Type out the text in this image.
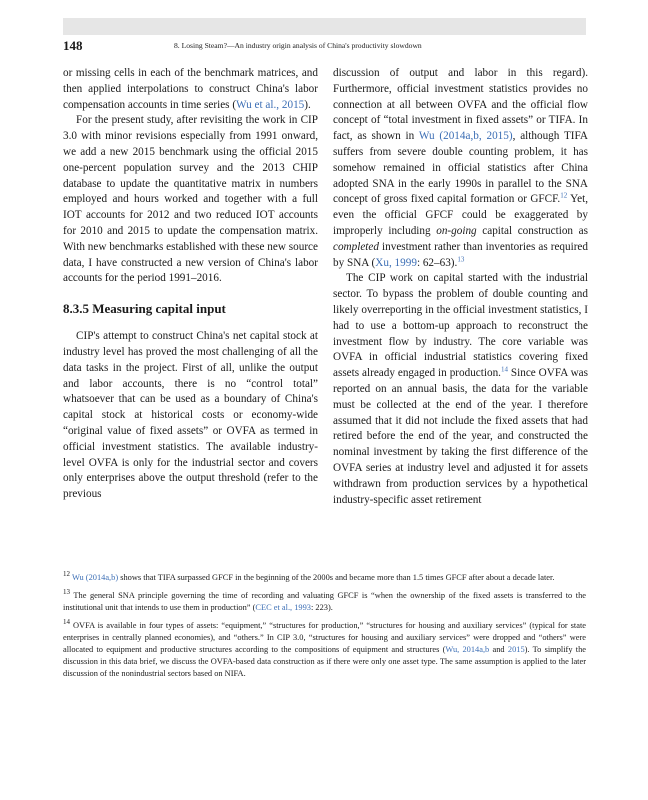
148	8. Losing Steam?—An industry origin analysis of China's productivity slowdown

or missing cells in each of the benchmark matrices, and then applied interpolations to construct China's labor compensation accounts in time series (Wu et al., 2015).

For the present study, after revisiting the work in CIP 3.0 with minor revisions especially from 1991 onward, we add a new 2015 benchmark using the official 2015 one-percent population survey and the 2013 CHIP database to update the quantitative matrix in numbers employed and hours worked and together with a full IOT accounts for 2012 and two reduced IOT accounts for 2010 and 2015 to update the compensation matrix. With new benchmarks established with these new source data, I have constructed a new version of China's labor accounts for the period 1991–2016.

8.3.5 Measuring capital input

CIP's attempt to construct China's net capital stock at industry level has proved the most challenging of all the data tasks in the project. First of all, unlike the output and labor accounts, there is no “control total” whatsoever that can be used as a boundary of China's capital stock at historical costs or economy-wide “original value of fixed assets” or OVFA as termed in official investment statistics. The available industry-level OVFA is only for the industrial sector and covers only enterprises above the output threshold (refer to the previous

discussion of output and labor in this regard). Furthermore, official investment statistics provides no connection at all between OVFA and the official flow concept of “total investment in fixed assets” or TIFA. In fact, as shown in Wu (2014a,b, 2015), although TIFA suffers from severe double counting problem, it has somehow remained in official statistics after China adopted SNA in the early 1990s in parallel to the SNA concept of gross fixed capital formation or GFCF.$^{12}$ Yet, even the official GFCF could be exaggerated by improperly including on-going capital construction as completed investment rather than inventories as required by SNA (Xu, 1999: 62–63).$^{13}$

The CIP work on capital started with the industrial sector. To bypass the problem of double counting and likely overreporting in the official investment statistics, I had to use a bottom-up approach to reconstruct the investment flow by industry. The core variable was OVFA in official industrial statistics covering fixed assets already engaged in production.$^{14}$ Since OVFA was reported on an annual basis, the data for the variable must be collected at the end of the year. I therefore assumed that it did not include the fixed assets that had retired before the end of the year, and constructed the nominal investment by taking the first difference of the OVFA series at industry level and adjusted it for assets withdrawn from production services by a hypothetical industry-specific asset retirement

$^{12}$ Wu (2014a,b) shows that TIFA surpassed GFCF in the beginning of the 2000s and became more than 1.5 times GFCF after about a decade later.

$^{13}$ The general SNA principle governing the time of recording and valuating GFCF is “when the ownership of the fixed assets is transferred to the institutional unit that intends to use them in production” (CEC et al., 1993: 223).

$^{14}$ OVFA is available in four types of assets: “equipment,” “structures for production,” “structures for housing and auxiliary services” (typical for state enterprises in centrally planned economies), and “others.” In CIP 3.0, “structures for housing and auxiliary services” were dropped and “others” were allocated to equipment and productive structures according to the compositions of equipment and structures (Wu, 2014a,b and 2015). To simplify the discussion in this data brief, we discuss the OVFA-based data construction as if there were only one asset type. The same assumption is applied to the later discussion of the nonindustrial sectors based on NIFA.
